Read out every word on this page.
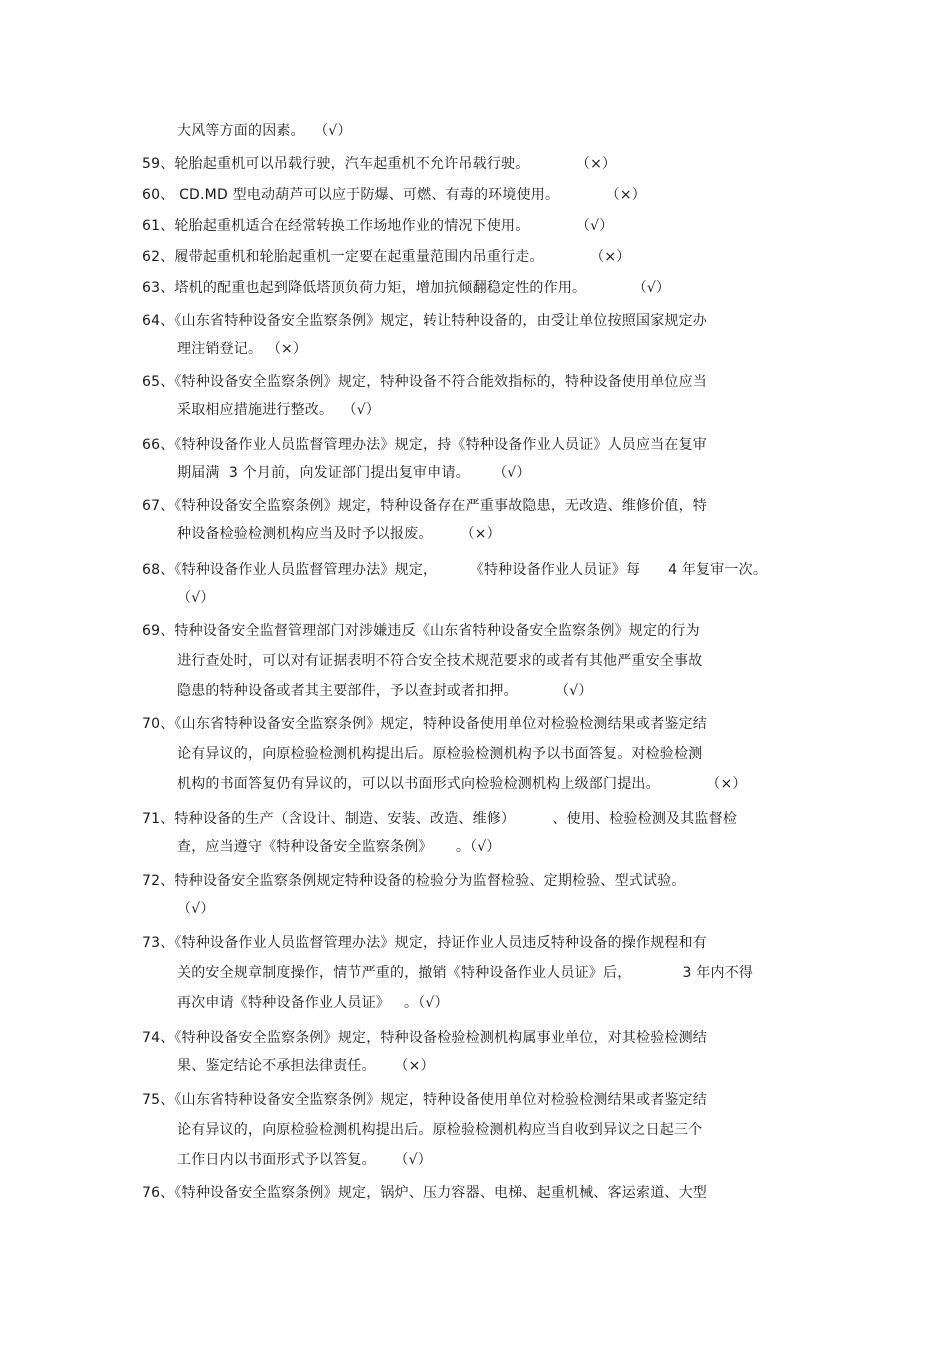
大风等方面的因素。  （√）
59、轮胎起重机可以吊载行驶，汽车起重机不允许吊载行驶。          （×）
60、 CD.MD 型电动葫芦可以应于防爆、可燃、有毒的环境使用。          （×）
61、轮胎起重机适合在经常转换工作场地作业的情况下使用。          （√）
62、履带起重机和轮胎起重机一定要在起重量范围内吊重行走。          （×）
63、塔机的配重也起到降低塔顶负荷力矩，增加抗倾翻稳定性的作用。          （√）
64、《山东省特种设备安全监察条例》规定，转让特种设备的，由受让单位按照国家规定办
理注销登记。 （×）
65、《特种设备安全监察条例》规定，特种设备不符合能效指标的，特种设备使用单位应当
采取相应措施进行整改。  （√）
66、《特种设备作业人员监督管理办法》规定，持《特种设备作业人员证》人员应当在复审
期届满  3 个月前，向发证部门提出复审申请。     （√）
67、《特种设备安全监察条例》规定，特种设备存在严重事故隐患，无改造、维修价值，特
种设备检验检测机构应当及时予以报废。      （×）
68、《特种设备作业人员监督管理办法》规定，       《特种设备作业人员证》每      4 年复审一次。
（√）
69、特种设备安全监督管理部门对涉嫌违反《山东省特种设备安全监察条例》规定的行为
进行查处时，可以对有证据表明不符合安全技术规范要求的或者有其他严重安全事故
隐患的特种设备或者其主要部件，予以查封或者扣押。        （√）
70、《山东省特种设备安全监察条例》规定，特种设备使用单位对检验检测结果或者鉴定结
论有异议的，向原检验检测机构提出后。原检验检测机构予以书面答复。对检验检测
机构的书面答复仍有异议的，可以以书面形式向检验检测机构上级部门提出。          （×）
71、特种设备的生产（含设计、制造、安装、改造、维修）        、使用、检验检测及其监督检
查，应当遵守《特种设备安全监察条例》     。（√）
72、特种设备安全监察条例规定特种设备的检验分为监督检验、定期检验、型式试验。
（√）
73、《特种设备作业人员监督管理办法》规定，持证作业人员违反特种设备的操作规程和有
关的安全规章制度操作，情节严重的，撤销《特种设备作业人员证》后，           3 年内不得
再次申请《特种设备作业人员证》   。（√）
74、《特种设备安全监察条例》规定，特种设备检验检测机构属事业单位，对其检验检测结
果、鉴定结论不承担法律责任。    （×）
75、《山东省特种设备安全监察条例》规定，特种设备使用单位对检验检测结果或者鉴定结
论有异议的，向原检验检测机构提出后。原检验检测机构应当自收到异议之日起三个
工作日内以书面形式予以答复。    （√）
76、《特种设备安全监察条例》规定，锅炉、压力容器、电梯、起重机械、客运索道、大型
